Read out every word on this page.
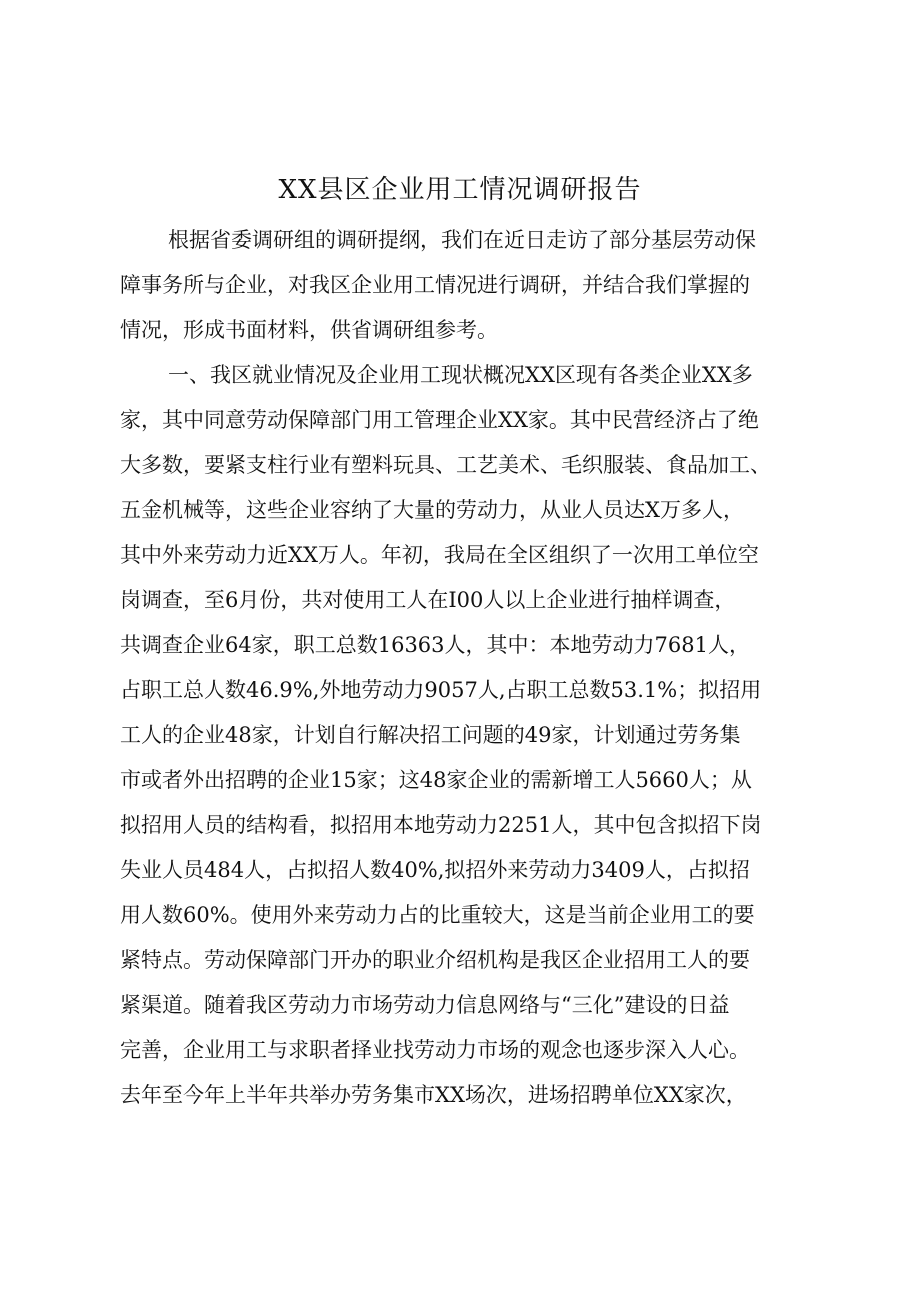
XX县区企业用工情况调研报告
根据省委调研组的调研提纲，我们在近日走访了部分基层劳动保
障事务所与企业，对我区企业用工情况进行调研，并结合我们掌握的
情况，形成书面材料，供省调研组参考。
一、我区就业情况及企业用工现状概况XX区现有各类企业XX多
家，其中同意劳动保障部门用工管理企业XX家。其中民营经济占了绝
大多数，要紧支柱行业有塑料玩具、工艺美术、毛织服装、食品加工、
五金机械等，这些企业容纳了大量的劳动力，从业人员达X万多人，
其中外来劳动力近XX万人。年初，我局在全区组织了一次用工单位空
岗调查，至6月份，共对使用工人在I00人以上企业进行抽样调查，
共调查企业64家，职工总数16363人，其中：本地劳动力7681人，
占职工总人数46.9%,外地劳动力9057人,占职工总数53.1%；拟招用
工人的企业48家，计划自行解决招工问题的49家，计划通过劳务集
市或者外出招聘的企业15家；这48家企业的需新增工人5660人；从
拟招用人员的结构看，拟招用本地劳动力2251人，其中包含拟招下岗
失业人员484人，占拟招人数40%,拟招外来劳动力3409人，占拟招
用人数60%。使用外来劳动力占的比重较大，这是当前企业用工的要
紧特点。劳动保障部门开办的职业介绍机构是我区企业招用工人的要
紧渠道。随着我区劳动力市场劳动力信息网络与“三化”建设的日益
完善，企业用工与求职者择业找劳动力市场的观念也逐步深入人心。
去年至今年上半年共举办劳务集市XX场次，进场招聘单位XX家次，
